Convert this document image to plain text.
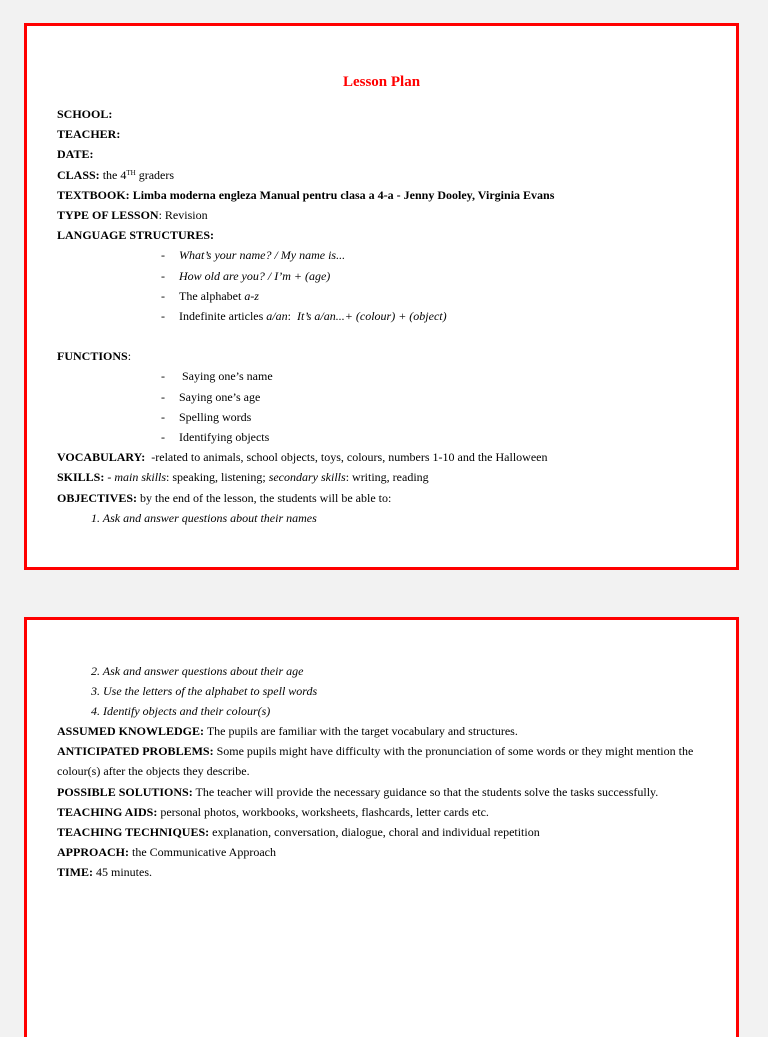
Lesson Plan
SCHOOL:
TEACHER:
DATE:
CLASS: the 4TH graders
TEXTBOOK: Limba moderna engleza Manual pentru clasa a 4-a - Jenny Dooley, Virginia Evans
TYPE OF LESSON: Revision
LANGUAGE STRUCTURES:
- What’s your name? / My name is...
- How old are you? / I’m + (age)
- The alphabet a-z
- Indefinite articles a/an:  It’s a/an...+ (colour) + (object)
FUNCTIONS:
- Saying one’s name
- Saying one’s age
- Spelling words
- Identifying objects
VOCABULARY:  -related to animals, school objects, toys, colours, numbers 1-10 and the Halloween
SKILLS: - main skills: speaking, listening; secondary skills: writing, reading
OBJECTIVES: by the end of the lesson, the students will be able to:
1. Ask and answer questions about their names
2. Ask and answer questions about their age
3. Use the letters of the alphabet to spell words
4. Identify objects and their colour(s)
ASSUMED KNOWLEDGE: The pupils are familiar with the target vocabulary and structures.
ANTICIPATED PROBLEMS: Some pupils might have difficulty with the pronunciation of some words or they might mention the colour(s) after the objects they describe.
POSSIBLE SOLUTIONS: The teacher will provide the necessary guidance so that the students solve the tasks successfully.
TEACHING AIDS: personal photos, workbooks, worksheets, flashcards, letter cards etc.
TEACHING TECHNIQUES: explanation, conversation, dialogue, choral and individual repetition
APPROACH: the Communicative Approach
TIME: 45 minutes.
